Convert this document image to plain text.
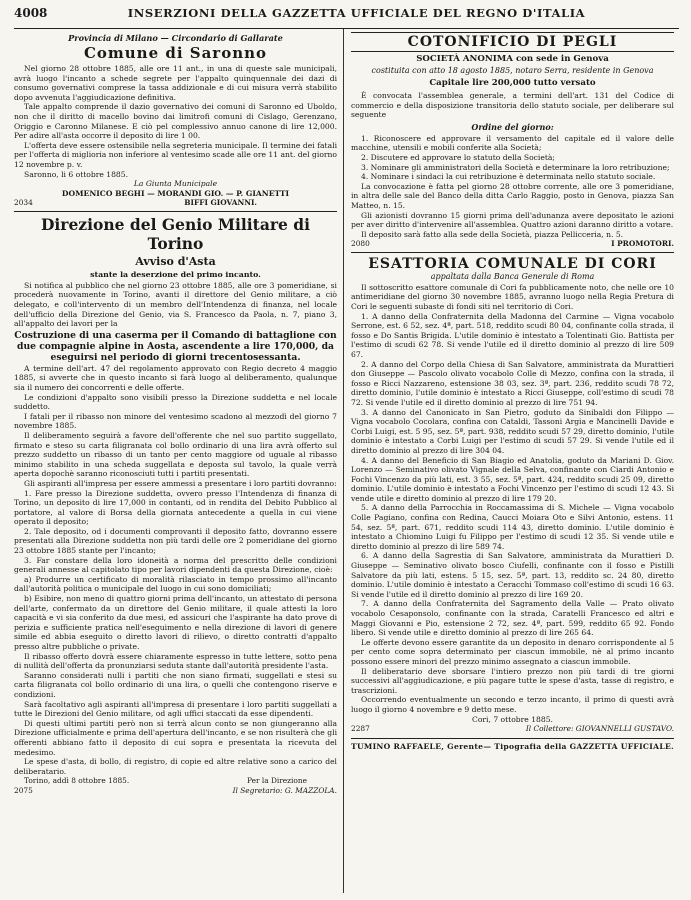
4008	INSERZIONI DELLA GAZZETTA UFFICIALE DEL REGNO D'ITALIA
Provincia di Milano — Circondario di Gallarate
Comune di Saronno

Nel giorno 28 ottobre 1885, alle ore 11 ant., in una di queste sale municipali, avrà luogo l'incanto a schede segrete per l'appalto quinquennale dei dazi di consumo governativi comprese la tassa addizionale e di cui misura verrà stabilito dopo avvenuta l'aggiudicazione definitiva.

Tale appalto comprende il dazio governativo dei comuni di Saronno ed Uboldo, non che il diritto di macello bovino dai limitrofi comuni di Cislago, Gerenzano, Origgio e Caronno Milanese. E ciò pel complessivo annuo canone di lire 12,000. Per adire all'asta occorre il deposito di lire 1 00.

L'offerta deve essere ostensibile nella segreteria municipale. Il termine dei fatali per l'offerta di miglioria non inferiore al ventesimo scade alle ore 11 ant. del giorno 12 novembre p. v.

Saronno, li 6 ottobre 1885.

La Giunta Municipale
DOMENICO BEGHI — MORANDI GIO. — P. GIANETTI
2034	BIFFI GIOVANNI.
Direzione del Genio Militare di Torino
Avviso d'Asta
stante la deserzione del primo incanto.

Si notifica al pubblico che nel giorno 23 ottobre 1885, alle ore 3 pomeridiane, si procederà nuovamente in Torino, avanti il direttore del Genio militare, a ciò delegato, e coll'intervento di un membro dell'Intendenza di finanza, nel locale dell'ufficio della Direzione del Genio, via S. Francesco da Paola, n. 7, piano 3, all'appalto dei lavori per la

Costruzione di una caserma per il Comando di battaglione con due compagnie alpine in Aosta, ascendente a lire 170,000, da eseguirsi nel periodo di giorni trecentosessanta.

A termine dell'art. 47 del regolamento approvato con Regio decreto 4 maggio 1885, si avverte che in questo incanto si farà luogo al deliberamento, qualunque sia il numero dei concorrenti e delle offerte.

Le condizioni d'appalto sono visibili presso la Direzione suddetta e nel locale suddetto.

I fatali per il ribasso non minore del ventesimo scadono al mezzodì del giorno 7 novembre 1885.

Il deliberamento seguirà a favore dell'offerente che nel suo partito suggellato, firmato e steso su carta filigranata col bollo ordinario di una lira avrà offerto sul prezzo suddetto un ribasso di un tanto per cento maggiore od uguale al ribasso minimo stabilito in una scheda suggellata e deposta sul tavolo, la quale verrà aperta dopochè saranno riconosciuti tutti i partiti presentati.

Gli aspiranti all'impresa per essere ammessi a presentare i loro partiti dovranno:

1. Fare presso la Direzione suddetta, ovvero presso l'Intendenza di finanza di Torino, un deposito di lire 17,000 in contanti, od in rendita del Debito Pubblico al portatore, al valore di Borsa della giornata antecedente a quella in cui viene operato il deposito;

2. Tale deposito, od i documenti comprovanti il deposito fatto, dovranno essere presentati alla Direzione suddetta non più tardi delle ore 2 pomeridiane del giorno 23 ottobre 1885 stante per l'incanto;

3. Far constare della loro idoneità a norma del prescritto delle condizioni generali annesse al capitolato tipo per lavori dipendenti da questa Direzione, cioè:

a) Produrre un certificato di moralità rilasciato in tempo prossimo all'incanto dall'autorità politica o municipale del luogo in cui sono domiciliati;

b) Esibire, non meno di quattro giorni prima dell'incanto, un attestato di persona dell'arte, confermato da un direttore del Genio militare, il quale attesti la loro capacità e vi sia conferito da due mesi, ed assicuri che l'aspirante ha dato prove di perizia e sufficiente pratica nell'eseguimento e nella direzione di lavori di genere simile ed abbia eseguito o diretto lavori di rilievo, o diretto contratti d'appalto presso altre pubbliche o private.

Il ribasso offerto dovrà essere chiaramente espresso in tutte lettere, sotto pena di nullità dell'offerta da pronunziarsi seduta stante dall'autorità presidente l'asta.

Saranno considerati nulli i partiti che non siano firmati, suggellati e stesi su carta filigranata col bollo ordinario di una lira, o quelli che contengono riserve e condizioni.

Sarà facoltativo agli aspiranti all'impresa di presentare i loro partiti suggellati a tutte le Direzioni del Genio militare, od agli uffici staccati da esse dipendenti.

Di questi ultimi partiti però non si terrà alcun conto se non giungeranno alla Direzione ufficialmente e prima dell'apertura dell'incanto, e se non risulterà che gli offerenti abbiano fatto il deposito di cui sopra e presentata la ricevuta del medesimo.

Le spese d'asta, di bollo, di registro, di copie ed altre relative sono a carico del deliberatario.

Torino, addì 8 ottobre 1885.	Per la Direzione
2075	Il Segretario: G. MAZZOLA.
COTONIFICIO DI PEGLI
SOCIETÀ ANONIMA con sede in Genova
costituita con atto 18 agosto 1885, notaro Serra, residente in Genova
Capitale lire 200,000 tutto versato

È convocata l'assemblea generale, a termini dell'art. 131 del Codice di commercio e della disposizione transitoria dello statuto sociale, per deliberare sul seguente

Ordine del giorno:

1. Riconoscere ed approvare il versamento del capitale ed il valore delle macchine, utensili e mobili conferite alla Società;

2. Discutere ed approvare lo statuto della Società;

3. Nominare gli amministratori della Società e determinare la loro retribuzione;

4. Nominare i sindaci la cui retribuzione è determinata nello statuto sociale.

La convocazione è fatta pel giorno 28 ottobre corrente, alle ore 3 pomeridiane, in altra delle sale del Banco della ditta Carlo Raggio, posto in Genova, piazza San Matteo, n. 15.

Gli azionisti dovranno 15 giorni prima dell'adunanza avere depositato le azioni per aver diritto d'intervenire all'assemblea. Quattro azioni daranno diritto a votare.

Il deposito sarà fatto alla sede della Società, piazza Pellicceria, n. 5.

2080	I PROMOTORI.
ESATTORIA COMUNALE DI CORI
appaltata dalla Banca Generale di Roma

Il sottoscritto esattore comunale di Cori fa pubblicamente noto, che nelle ore 10 antimeridiane del giorno 30 novembre 1885, avranno luogo nella Regia Pretura di Cori le seguenti subaste di fondi siti nel territorio di Cori.

1. A danno della Confraternita della Madonna del Carmine — Vigna vocabolo Serrone, est. 6 52, sez. 4ª, part. 518, reddito scudi 80 04, confinante colla strada, il fosso e Do Santis Brigida. L'utile dominio è intestato a Tolentinati Gio. Battista per l'estimo di scudi 62 78. Si vende l'utile ed il diretto dominio al prezzo di lire 509 67.

2. A danno del Corpo della Chiesa di San Salvatore, amministrata da Murattieri don Giuseppe — Pascolo olivato vocabolo Colle di Mezzo, confina con la strada, il fosso e Ricci Nazzareno, estensione 38 03, sez. 3ª, part. 236, reddito scudi 78 72, diretto dominio, l'utile dominio è intestato a Ricci Giuseppe, coll'estimo di scudi 78 72. Si vende l'utile ed il diretto dominio al prezzo di lire 751 94.

3. A danno del Canonicato in San Pietro, goduto da Sinibaldi don Filippo — Vigna vocabolo Cocolara, confina con Cataldi, Tassoni Argia e Mancinelli Davide e Corbi Luigi, est. 5 95, sez. 5ª, part. 938, reddito scudi 57 29, diretto dominio, l'utile dominio è intestato a Corbi Luigi per l'estimo di scudi 57 29. Si vende l'utile ed il diretto dominio al prezzo di lire 304 04.

4. A danno del Beneficio di San Biagio ed Anatolia, goduto da Mariani D. Giov. Lorenzo — Seminativo olivato Vignale della Selva, confinante con Ciardi Antonio e Fochi Vincenzo da più lati, est. 3 55, sez. 5ª, part. 424, reddito scudi 25 09, diretto dominio. L'utile dominio è intestato a Fochi Vincenzo per l'estimo di scudi 12 43. Si vende utile e diretto dominio al prezzo di lire 179 20.

5. A danno della Parrocchia in Roccamassima di S. Michele — Vigna vocabolo Colle Pagiano, confina con Redina, Caucci Moiara Oto e Silvi Antonio, estens. 11 54, sez. 5ª, part. 671, reddito scudi 114 43, diretto dominio. L'utile dominio è intestato a Chiomino Luigi fu Filippo per l'estimo di scudi 12 35. Si vende utile e diretto dominio al prezzo di lire 589 74.

6. A danno della Sagrestia di San Salvatore, amministrata da Murattieri D. Giuseppe — Seminativo olivato bosco Ciufelli, confinante con il fosso e Pistilli Salvatore da più lati, estens. 5 15, sez. 5ª, part. 13, reddito sc. 24 80, diretto dominio. L'utile dominio è intestato a Ceracchi Tommaso coll'estimo di scudi 16 63. Si vende l'utile ed il diretto dominio al prezzo di lire 169 20.

7. A danno della Confraternita del Sagramento della Valle — Prato olivato vocabolo Cesaponsolo, confinante con la strada, Caratelli Francesco ed altri e Maggi Giovanni e Pio, estensione 2 72, sez. 4ª, part. 599, reddito 65 92. Fondo libero. Si vende utile e diretto dominio al prezzo di lire 265 64.

Le offerte devono essere garantite da un deposito in denaro corrispondente al 5 per cento come sopra determinato per ciascun immobile, nè al primo incanto possono essere minori del prezzo minimo assegnato a ciascun immobile.

Il deliberatario deve sborsare l'intiero prezzo non più tardi di tre giorni successivi all'aggiudicazione, e più pagare tutte le spese d'asta, tasse di registro, e trascrizioni.

Occorrendo eventualmente un secondo e terzo incanto, il primo di questi avrà luogo il giorno 4 novembre e 9 detto mese.

Cori, 7 ottobre 1885.

2287	Il Collettore: GIOVANNELLI GUSTAVO.
TUMINO RAFFAELE, Gerente — Tipografia della GAZZETTA UFFICIALE.
